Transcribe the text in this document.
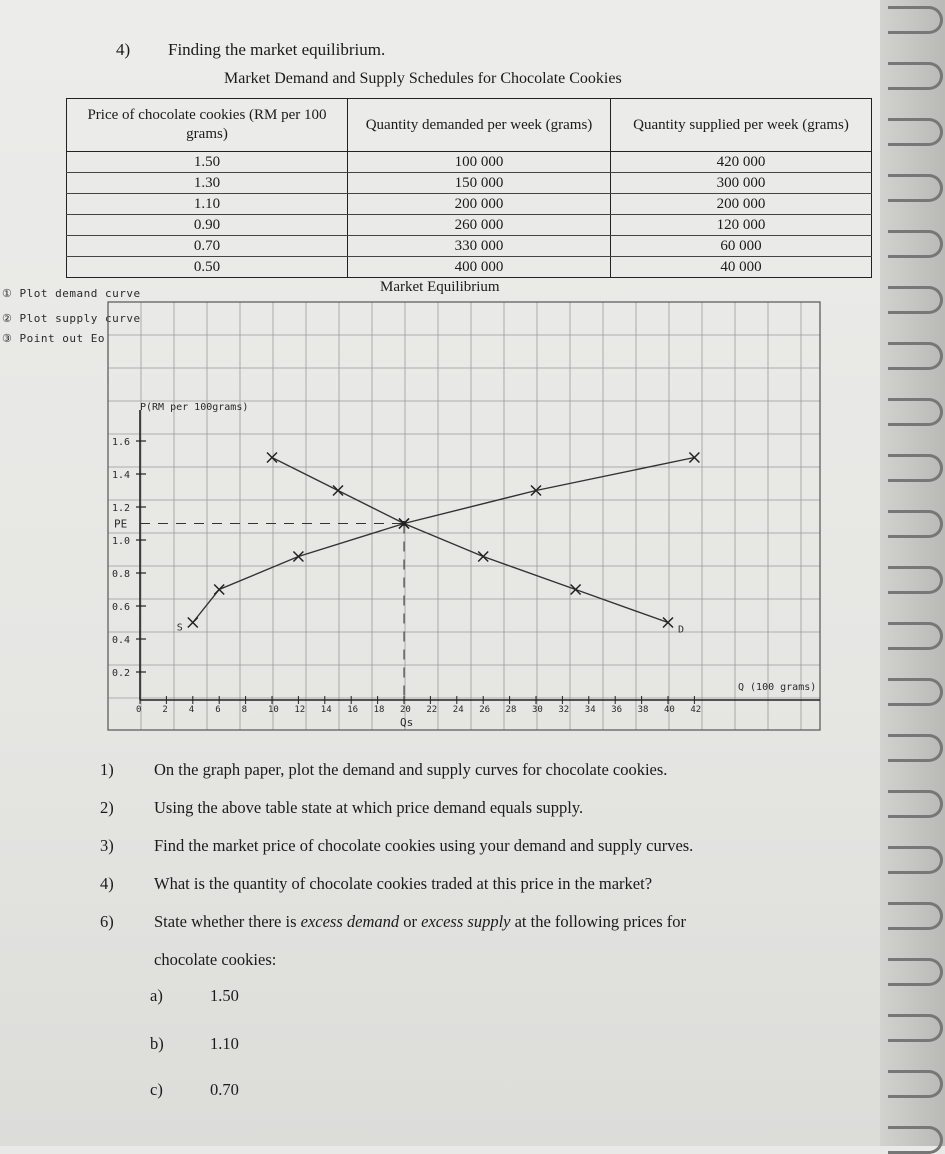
4) Finding the market equilibrium.
Market Demand and Supply Schedules for Chocolate Cookies
Price of chocolate cookies (RM per 100 grams)	Quantity demanded per week (grams)	Quantity supplied per week (grams)
1.50	100 000	420 000
1.30	150 000	300 000
1.10	200 000	200 000
0.90	260 000	120 000
0.70	330 000	60 000
0.50	400 000	40 000
Market Equilibrium
① Plot demand curve
② Plot supply curve
③ Point out Eo
1.6
1.4
1.2
1.0
0.8
0.6
0.4
0.2
0 2 4 6 8 10 12 14 16 18 20 22 24 26 28 30 32 34 36 38 40 42
P(RM per 100grams)
Q (100 grams)
PE
Qs
D
S
1) On the graph paper, plot the demand and supply curves for chocolate cookies.
2) Using the above table state at which price demand equals supply.
3) Find the market price of chocolate cookies using your demand and supply curves.
4) What is the quantity of chocolate cookies traded at this price in the market?
6) State whether there is excess demand or excess supply at the following prices for
chocolate cookies:
a)	1.50
b)	1.10
c)	0.70
